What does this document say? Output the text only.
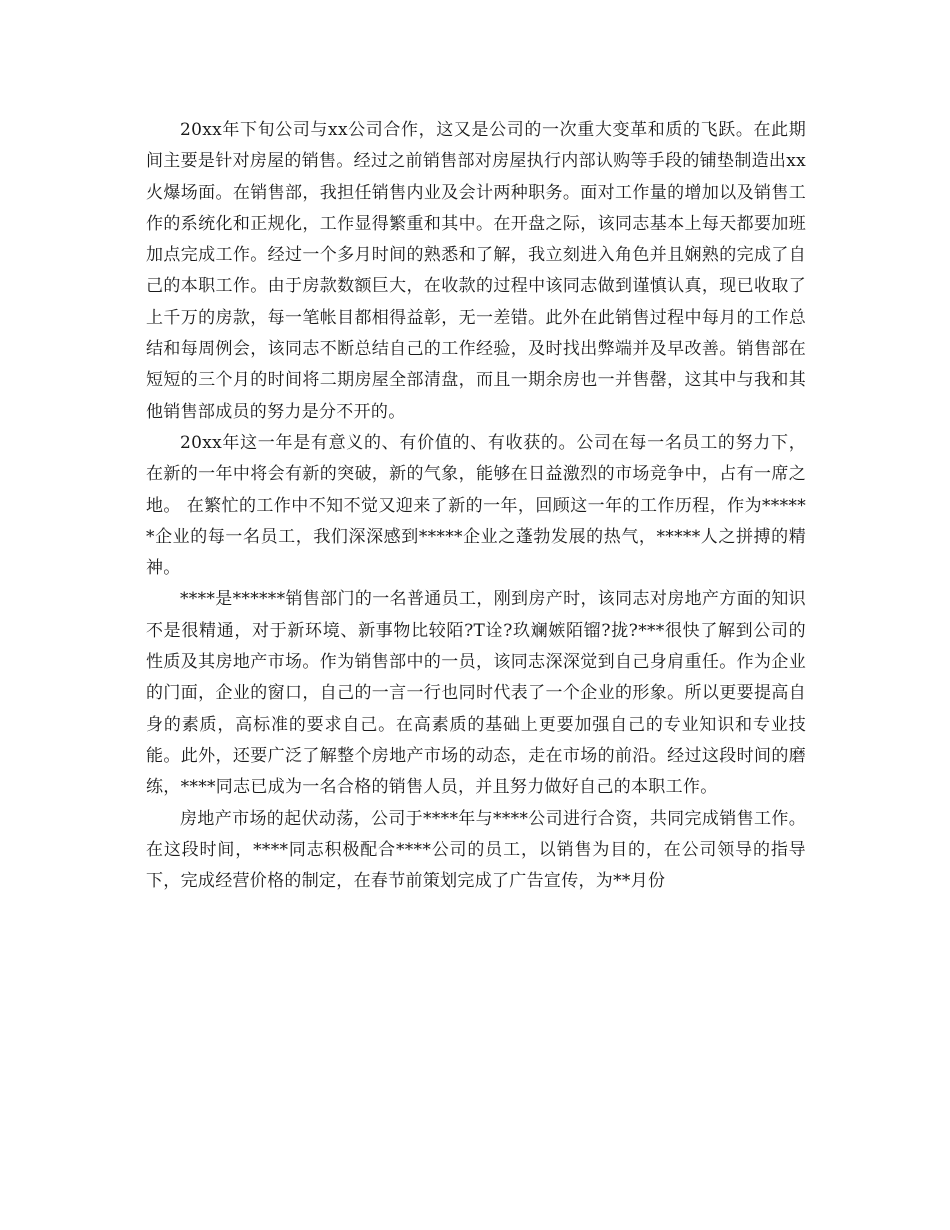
20xx年下旬公司与xx公司合作，这又是公司的一次重大变革和质的飞跃。在此期间主要是针对房屋的销售。经过之前销售部对房屋执行内部认购等手段的铺垫制造出xx火爆场面。在销售部，我担任销售内业及会计两种职务。面对工作量的增加以及销售工作的系统化和正规化，工作显得繁重和其中。在开盘之际，该同志基本上每天都要加班加点完成工作。经过一个多月时间的熟悉和了解，我立刻进入角色并且娴熟的完成了自己的本职工作。由于房款数额巨大，在收款的过程中该同志做到谨慎认真，现已收取了上千万的房款，每一笔帐目都相得益彰，无一差错。此外在此销售过程中每月的工作总结和每周例会，该同志不断总结自己的工作经验，及时找出弊端并及早改善。销售部在短短的三个月的时间将二期房屋全部清盘，而且一期余房也一并售罄，这其中与我和其他销售部成员的努力是分不开的。

20xx年这一年是有意义的、有价值的、有收获的。公司在每一名员工的努力下，在新的一年中将会有新的突破，新的气象，能够在日益激烈的市场竞争中，占有一席之地。 在繁忙的工作中不知不觉又迎来了新的一年，回顾这一年的工作历程，作为******企业的每一名员工，我们深深感到*****企业之蓬勃发展的热气，*****人之拼搏的精神。

****是******销售部门的一名普通员工，刚到房产时，该同志对房地产方面的知识不是很精通，对于新环境、新事物比较陌?T诠?玖斓嫉陌镏?拢?***很快了解到公司的性质及其房地产市场。作为销售部中的一员，该同志深深觉到自己身肩重任。作为企业的门面，企业的窗口，自己的一言一行也同时代表了一个企业的形象。所以更要提高自身的素质，高标准的要求自己。在高素质的基础上更要加强自己的专业知识和专业技能。此外，还要广泛了解整个房地产市场的动态，走在市场的前沿。经过这段时间的磨练，****同志已成为一名合格的销售人员，并且努力做好自己的本职工作。

房地产市场的起伏动荡，公司于****年与****公司进行合资，共同完成销售工作。在这段时间，****同志积极配合****公司的员工，以销售为目的，在公司领导的指导下，完成经营价格的制定，在春节前策划完成了广告宣传，为**月份
